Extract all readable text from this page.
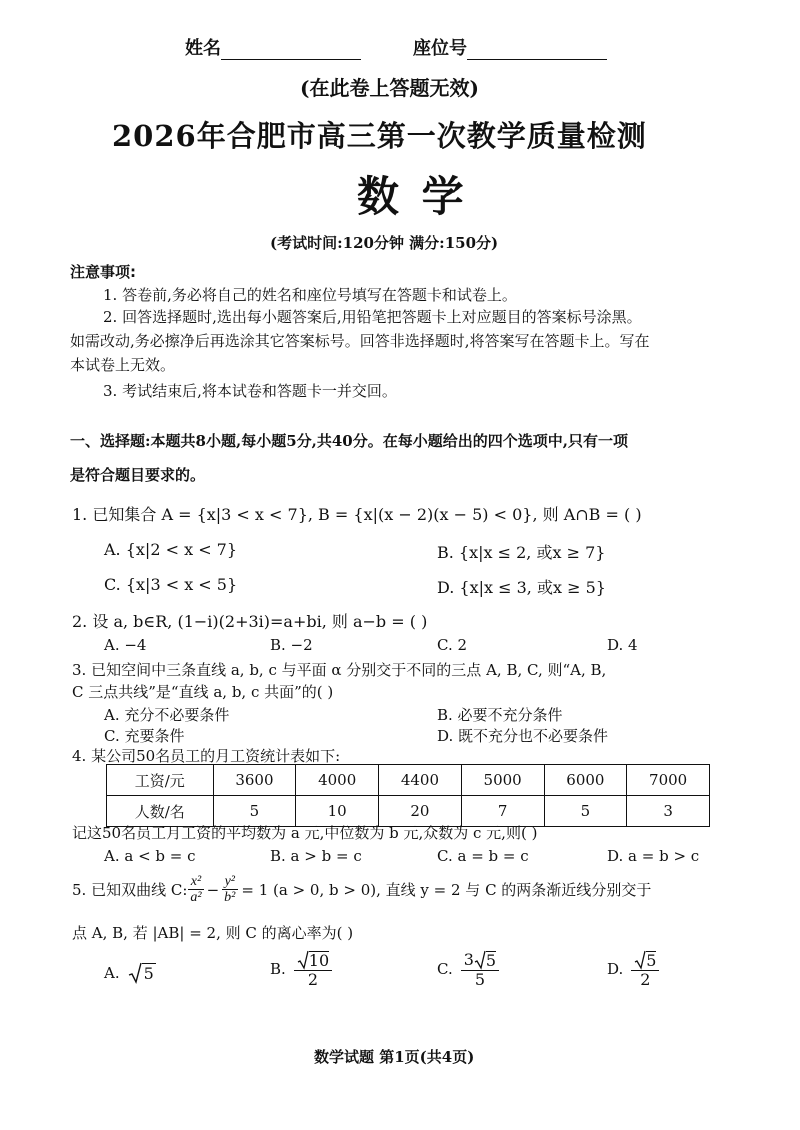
姓名	座位号
(在此卷上答题无效)
2026年合肥市高三第一次教学质量检测
数 学
(考试时间:120分钟 满分:150分)
注意事项:
1. 答卷前,务必将自己的姓名和座位号填写在答题卡和试卷上。
2. 回答选择题时,选出每小题答案后,用铅笔把答题卡上对应题目的答案标号涂黑。
如需改动,务必擦净后再选涂其它答案标号。回答非选择题时,将答案写在答题卡上。写在
本试卷上无效。
3. 考试结束后,将本试卷和答题卡一并交回。
一、选择题:本题共8小题,每小题5分,共40分。在每小题给出的四个选项中,只有一项
是符合题目要求的。
1. 已知集合 A = {x|3 < x < 7}, B = {x|(x − 2)(x − 5) < 0}, 则 A∩B = ( )
A. {x|2 < x < 7}	B. {x|x ≤ 2, 或x ≥ 7}
C. {x|3 < x < 5}	D. {x|x ≤ 3, 或x ≥ 5}
2. 设 a, b∈R, (1−i)(2+3i)=a+bi, 则 a−b = ( )
A. −4	B. −2	C. 2	D. 4
3. 已知空间中三条直线 a, b, c 与平面 α 分别交于不同的三点 A, B, C, 则“A, B,
C 三点共线”是“直线 a, b, c 共面”的( )
A. 充分不必要条件	B. 必要不充分条件
C. 充要条件	D. 既不充分也不必要条件
4. 某公司50名员工的月工资统计表如下:
工资/元	3600	4000	4400	5000	6000	7000
人数/名	5	10	20	7	5	3
记这50名员工月工资的平均数为 a 元,中位数为 b 元,众数为 c 元,则( )
A. a < b = c	B. a > b = c	C. a = b = c	D. a = b > c
5. 已知双曲线 C: $\frac{\text{x²}}{\text{a²}} - \frac{\text{y²}}{\text{b²}} = 1$ (a > 0, b > 0), 直线 y = 2 与 C 的两条渐近线分别交于
点 A, B, 若 |AB| = 2, 则 C 的离心率为( )
A. 5	B. $\frac{10}{2}$	C. $\frac{3 5}{5}$	D. $\frac{5}{2}$
数学试题 第1页(共4页)
